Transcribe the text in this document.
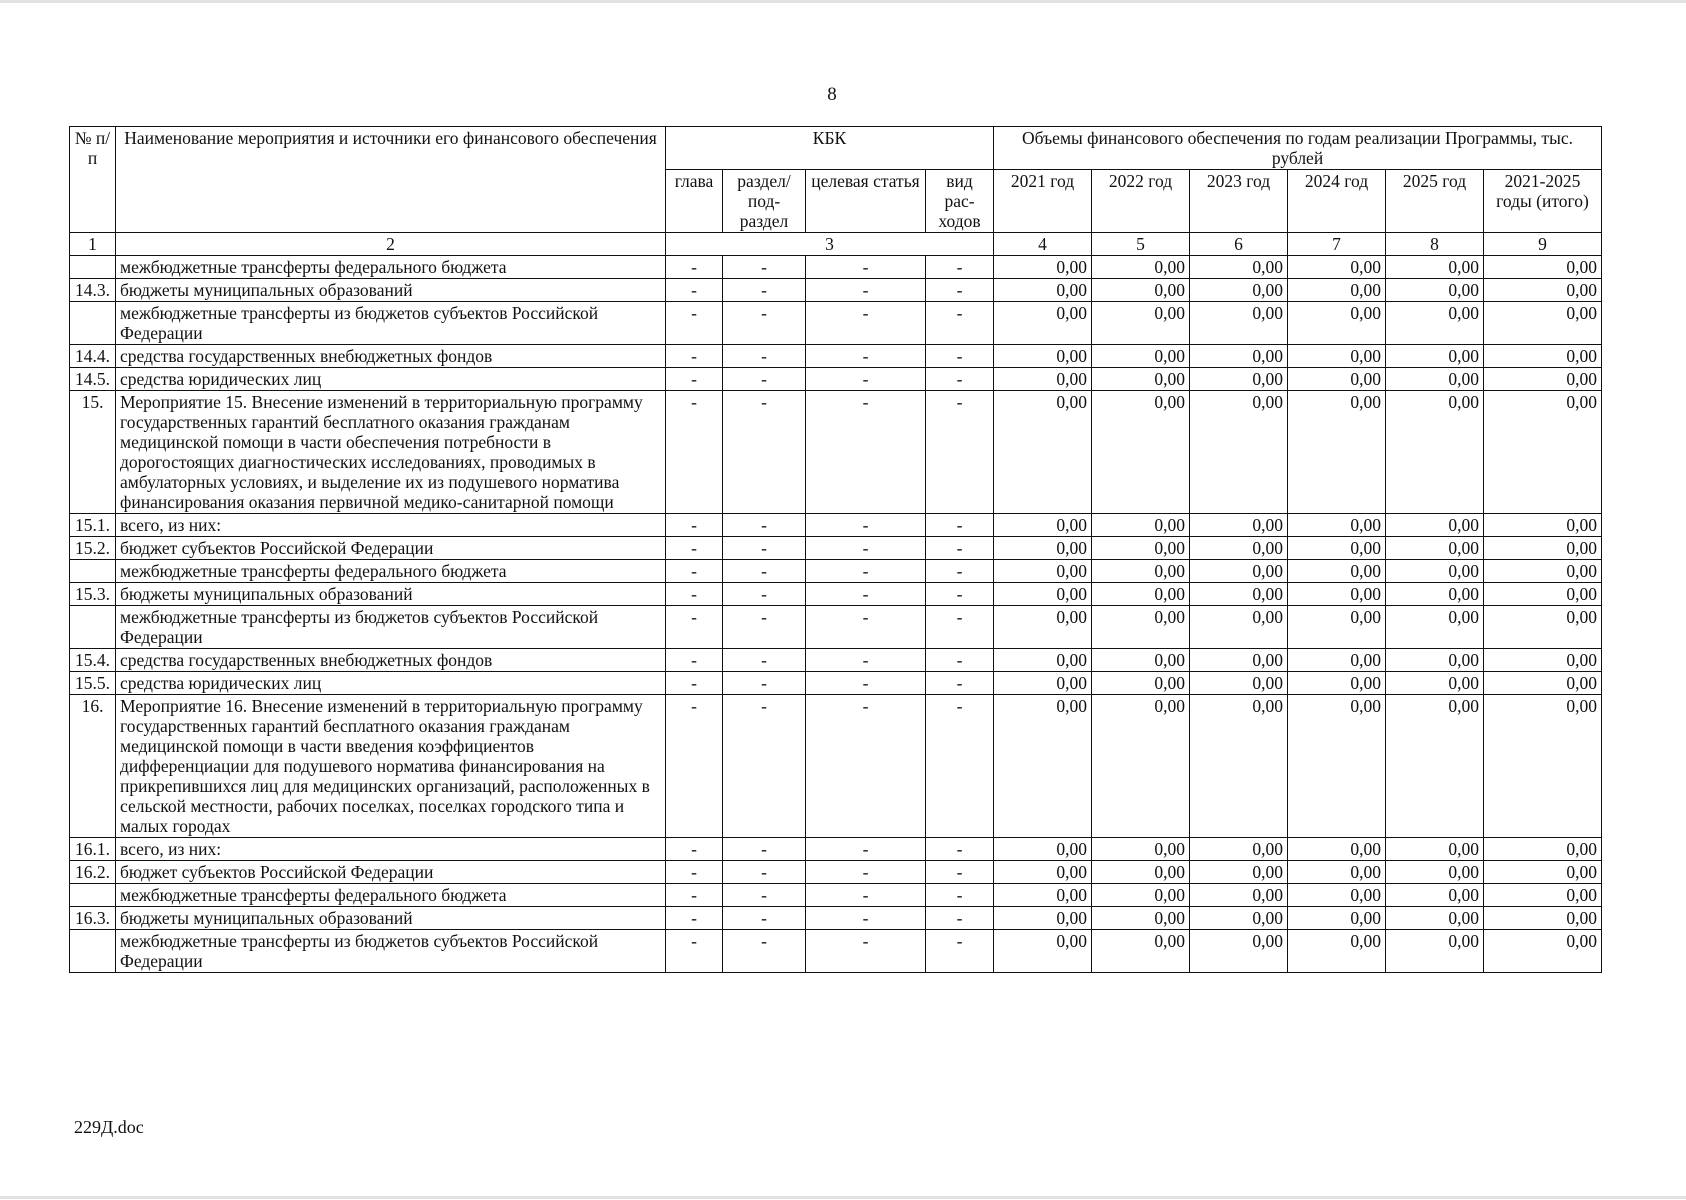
8
№ п/п	Наименование мероприятия и источники его финансового обеспечения	КБК				Объемы финансового обеспечения по годам реализации Программы, тыс. рублей					
		глава	раздел/ под- раздел	целевая статья	вид рас- ходов	2021 год	2022 год	2023 год	2024 год	2025 год	2021-2025 годы (итого)
1	2	3				4	5	6	7	8	9
	межбюджетные трансферты федерального бюджета	-	-	-	-	0,00	0,00	0,00	0,00	0,00	0,00
14.3.	бюджеты муниципальных образований	-	-	-	-	0,00	0,00	0,00	0,00	0,00	0,00
	межбюджетные трансферты из бюджетов субъектов Российской Федерации	-	-	-	-	0,00	0,00	0,00	0,00	0,00	0,00
14.4.	средства государственных внебюджетных фондов	-	-	-	-	0,00	0,00	0,00	0,00	0,00	0,00
14.5.	средства юридических лиц	-	-	-	-	0,00	0,00	0,00	0,00	0,00	0,00
15.	Мероприятие 15. Внесение изменений в территориальную программу государственных гарантий бесплатного оказания гражданам медицинской помощи в части обеспечения потребности в дорогостоящих диагностических исследованиях, проводимых в амбулаторных условиях, и выделение их из подушевого норматива финансирования оказания первичной медико-санитарной помощи	-	-	-	-	0,00	0,00	0,00	0,00	0,00	0,00
15.1.	всего, из них:	-	-	-	-	0,00	0,00	0,00	0,00	0,00	0,00
15.2.	бюджет субъектов Российской Федерации	-	-	-	-	0,00	0,00	0,00	0,00	0,00	0,00
	межбюджетные трансферты федерального бюджета	-	-	-	-	0,00	0,00	0,00	0,00	0,00	0,00
15.3.	бюджеты муниципальных образований	-	-	-	-	0,00	0,00	0,00	0,00	0,00	0,00
	межбюджетные трансферты из бюджетов субъектов Российской Федерации	-	-	-	-	0,00	0,00	0,00	0,00	0,00	0,00
15.4.	средства государственных внебюджетных фондов	-	-	-	-	0,00	0,00	0,00	0,00	0,00	0,00
15.5.	средства юридических лиц	-	-	-	-	0,00	0,00	0,00	0,00	0,00	0,00
16.	Мероприятие 16. Внесение изменений в территориальную программу государственных гарантий бесплатного оказания гражданам медицинской помощи в части введения коэффициентов дифференциации для подушевого норматива финансирования на прикрепившихся лиц для медицинских организаций, расположенных в сельской местности, рабочих поселках, поселках городского типа и малых городах	-	-	-	-	0,00	0,00	0,00	0,00	0,00	0,00
16.1.	всего, из них:	-	-	-	-	0,00	0,00	0,00	0,00	0,00	0,00
16.2.	бюджет субъектов Российской Федерации	-	-	-	-	0,00	0,00	0,00	0,00	0,00	0,00
	межбюджетные трансферты федерального бюджета	-	-	-	-	0,00	0,00	0,00	0,00	0,00	0,00
16.3.	бюджеты муниципальных образований	-	-	-	-	0,00	0,00	0,00	0,00	0,00	0,00
	межбюджетные трансферты из бюджетов субъектов Российской Федерации	-	-	-	-	0,00	0,00	0,00	0,00	0,00	0,00
229Д.doc
